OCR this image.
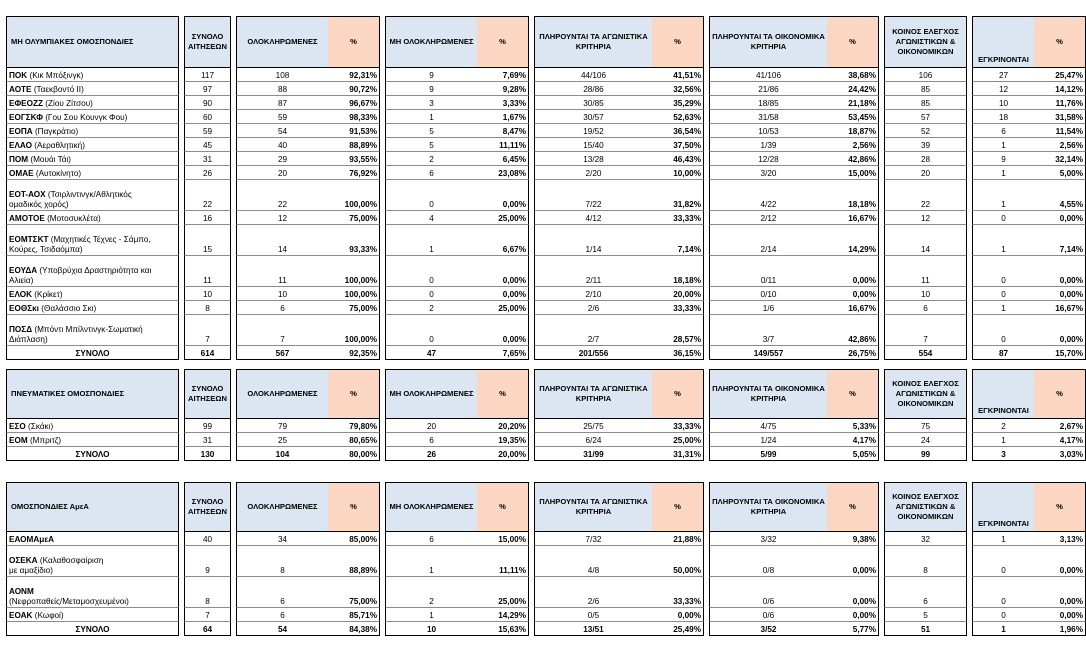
ΜΗ ΟΛΥΜΠΙΑΚΕΣ ΟΜΟΣΠΟΝΔΙΕΣ		ΣΥΝΟΛΟ ΑΙΤΗΣΕΩΝ		ΟΛΟΚΛΗΡΩΜΕΝΕΣ	%		ΜΗ ΟΛΟΚΛΗΡΩΜΕΝΕΣ	%		ΠΛΗΡΟΥΝΤΑΙ ΤΑ ΑΓΩΝΙΣΤΙΚΑ ΚΡΙΤΗΡΙΑ	%		ΠΛΗΡΟΥΝΤΑΙ ΤΑ ΟΙΚΟΝΟΜΙΚΑ ΚΡΙΤΗΡΙΑ	%		ΚΟΙΝΟΣ ΕΛΕΓΧΟΣ ΑΓΩΝΙΣΤΙΚΩΝ & ΟΙΚΟΝΟΜΙΚΩΝ		ΕΓΚΡΙΝΟΝΤΑΙ	%
ΠΟΚ (Κικ Μπόξινγκ)		117		108	92,31%		9	7,69%		44/106	41,51%		41/106	38,68%		106		27	25,47%
ΑΟΤΕ (Ταεκβοντό ΙΙ)		97		88	90,72%		9	9,28%		28/86	32,56%		21/86	24,42%		85		12	14,12%
ΕΦΕΟΖΖ (Ζίου Ζίτσου)		90		87	96,67%		3	3,33%		30/85	35,29%		18/85	21,18%		85		10	11,76%
ΕΟΓΣΚΦ (Γου Σου Κουνγκ Φου)		60		59	98,33%		1	1,67%		30/57	52,63%		31/58	53,45%		57		18	31,58%
ΕΟΠΑ (Παγκράτιο)		59		54	91,53%		5	8,47%		19/52	36,54%		10/53	18,87%		52		6	11,54%
ΕΛΑΟ (Αεραθλητική)		45		40	88,89%		5	11,11%		15/40	37,50%		1/39	2,56%		39		1	2,56%
ΠΟΜ (Μουάι Τάι)		31		29	93,55%		2	6,45%		13/28	46,43%		12/28	42,86%		28		9	32,14%
ΟΜΑΕ (Αυτοκίνητο)		26		20	76,92%		6	23,08%		2/20	10,00%		3/20	15,00%		20		1	5,00%
ΕΟΤ-ΑΟΧ (Τσιρλιντινγκ/Αθλητικός
ομαδικός χορός)		22		22	100,00%		0	0,00%		7/22	31,82%		4/22	18,18%		22		1	4,55%
ΑΜΟΤΟΕ (Μοτοσυκλέτα)		16		12	75,00%		4	25,00%		4/12	33,33%		2/12	16,67%		12		0	0,00%
ΕΟΜΤΣΚΤ (Μαχητικές Τέχνες - Σάμπο,
Κούρες, Τσιδαόμπα)		15		14	93,33%		1	6,67%		1/14	7,14%		2/14	14,29%		14		1	7,14%
ΕΟΥΔΑ (Υποβρύχια Δραστηριότητα και
Αλιεία)		11		11	100,00%		0	0,00%		2/11	18,18%		0/11	0,00%		11		0	0,00%
ΕΛΟΚ (Κρίκετ)		10		10	100,00%		0	0,00%		2/10	20,00%		0/10	0,00%		10		0	0,00%
ΕΟΘΣκι (Θαλάσσιο Σκι)		8		6	75,00%		2	25,00%		2/6	33,33%		1/6	16,67%		6		1	16,67%
ΠΟΣΔ (Μπόντι Μπίλντινγκ-Σωματική
Διάπλαση)		7		7	100,00%		0	0,00%		2/7	28,57%		3/7	42,86%		7		0	0,00%
ΣΥΝΟΛΟ		614		567	92,35%		47	7,65%		201/556	36,15%		149/557	26,75%		554		87	15,70%
ΠΝΕΥΜΑΤΙΚΕΣ ΟΜΟΣΠΟΝΔΙΕΣ		ΣΥΝΟΛΟ ΑΙΤΗΣΕΩΝ		ΟΛΟΚΛΗΡΩΜΕΝΕΣ	%		ΜΗ ΟΛΟΚΛΗΡΩΜΕΝΕΣ	%		ΠΛΗΡΟΥΝΤΑΙ ΤΑ ΑΓΩΝΙΣΤΙΚΑ ΚΡΙΤΗΡΙΑ	%		ΠΛΗΡΟΥΝΤΑΙ ΤΑ ΟΙΚΟΝΟΜΙΚΑ ΚΡΙΤΗΡΙΑ	%		ΚΟΙΝΟΣ ΕΛΕΓΧΟΣ ΑΓΩΝΙΣΤΙΚΩΝ & ΟΙΚΟΝΟΜΙΚΩΝ		ΕΓΚΡΙΝΟΝΤΑΙ	%
ΕΣΟ (Σκάκι)		99		79	79,80%		20	20,20%		25/75	33,33%		4/75	5,33%		75		2	2,67%
ΕΟΜ (Μπριτζ)		31		25	80,65%		6	19,35%		6/24	25,00%		1/24	4,17%		24		1	4,17%
ΣΥΝΟΛΟ		130		104	80,00%		26	20,00%		31/99	31,31%		5/99	5,05%		99		3	3,03%
ΟΜΟΣΠΟΝΔΙΕΣ ΑμεΑ		ΣΥΝΟΛΟ ΑΙΤΗΣΕΩΝ		ΟΛΟΚΛΗΡΩΜΕΝΕΣ	%		ΜΗ ΟΛΟΚΛΗΡΩΜΕΝΕΣ	%		ΠΛΗΡΟΥΝΤΑΙ ΤΑ ΑΓΩΝΙΣΤΙΚΑ ΚΡΙΤΗΡΙΑ	%		ΠΛΗΡΟΥΝΤΑΙ ΤΑ ΟΙΚΟΝΟΜΙΚΑ ΚΡΙΤΗΡΙΑ	%		ΚΟΙΝΟΣ ΕΛΕΓΧΟΣ ΑΓΩΝΙΣΤΙΚΩΝ & ΟΙΚΟΝΟΜΙΚΩΝ		ΕΓΚΡΙΝΟΝΤΑΙ	%
ΕΑΟΜΑμεΑ		40		34	85,00%		6	15,00%		7/32	21,88%		3/32	9,38%		32		1	3,13%
ΟΣΕΚΑ (Καλαθοσφαίριση
με αμαξίδιο)		9		8	88,89%		1	11,11%		4/8	50,00%		0/8	0,00%		8		0	0,00%
ΑΟΝΜ
(Νεφροπαθείς/Μεταμοσχευμένοι)		8		6	75,00%		2	25,00%		2/6	33,33%		0/6	0,00%		6		0	0,00%
ΕΟΑΚ (Κωφοί)		7		6	85,71%		1	14,29%		0/5	0,00%		0/6	0,00%		5		0	0,00%
ΣΥΝΟΛΟ		64		54	84,38%		10	15,63%		13/51	25,49%		3/52	5,77%		51		1	1,96%
